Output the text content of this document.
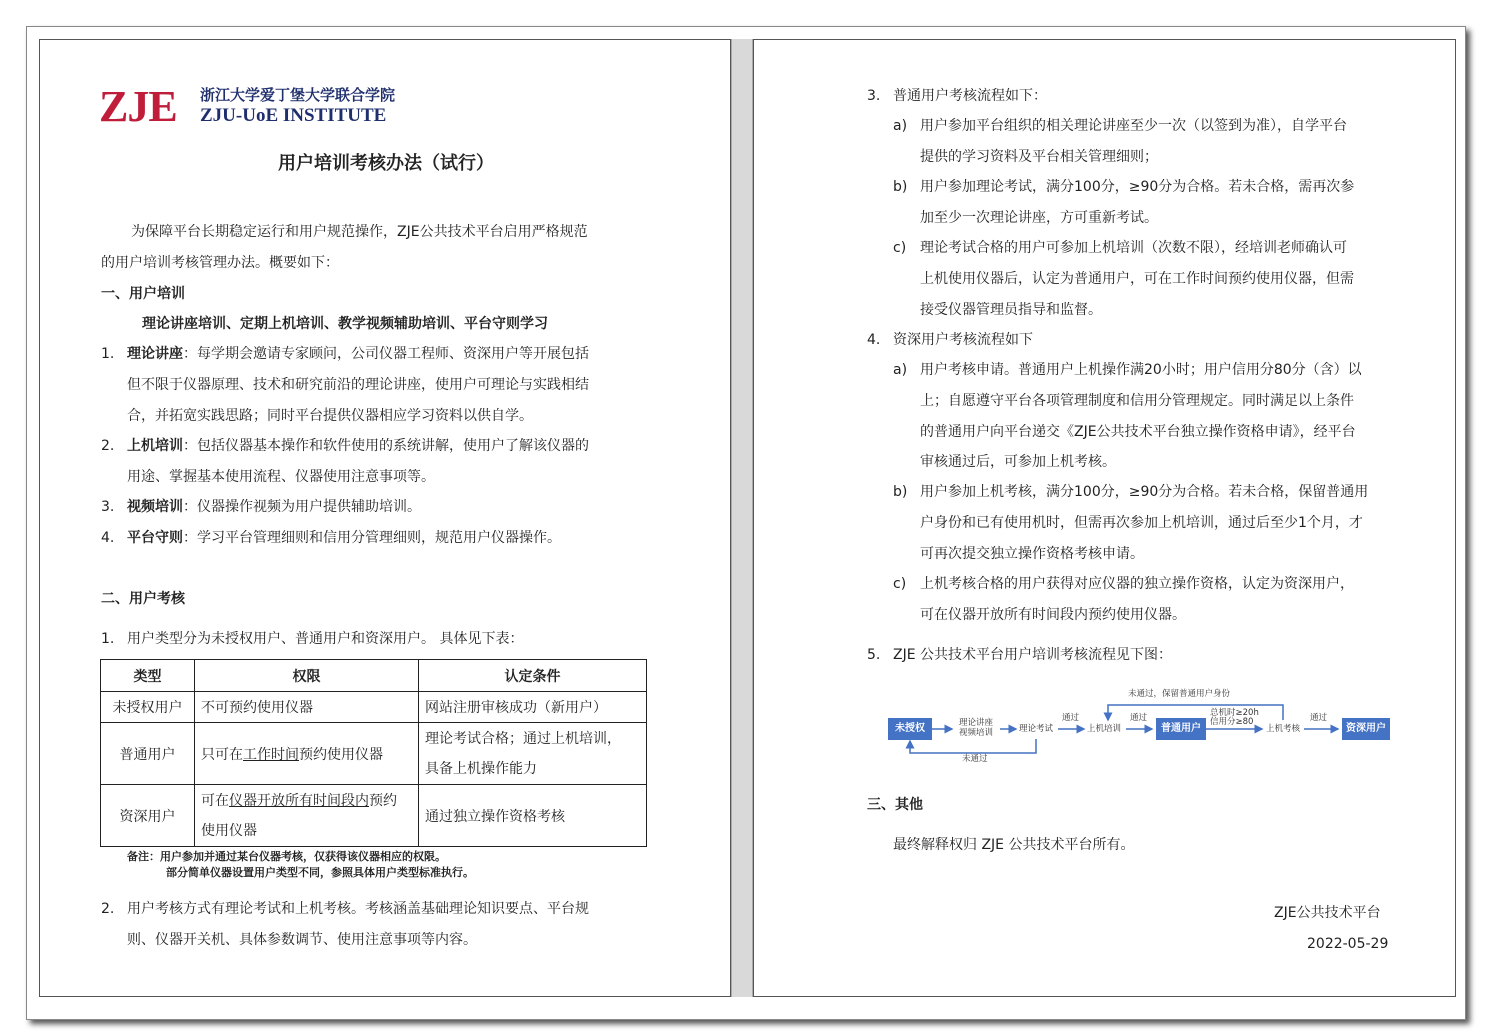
ZJE 浙江大学爱丁堡大学联合学院
ZJU-UoE INSTITUTE
用户培训考核办法（试行）
为保障平台长期稳定运行和用户规范操作，ZJE公共技术平台启用严格规范
的用户培训考核管理办法。概要如下：
一、用户培训
理论讲座培训、定期上机培训、教学视频辅助培训、平台守则学习
1. 理论讲座：每学期会邀请专家顾问，公司仪器工程师、资深用户等开展包括
但不限于仪器原理、技术和研究前沿的理论讲座，使用户可理论与实践相结
合，并拓宽实践思路；同时平台提供仪器相应学习资料以供自学。
2. 上机培训：包括仪器基本操作和软件使用的系统讲解，使用户了解该仪器的
用途、掌握基本使用流程、仪器使用注意事项等。
3. 视频培训：仪器操作视频为用户提供辅助培训。
4. 平台守则：学习平台管理细则和信用分管理细则，规范用户仪器操作。
二、用户考核
1. 用户类型分为未授权用户、普通用户和资深用户。 具体见下表：
类型	权限	认定条件
未授权用户	不可预约使用仪器	网站注册审核成功（新用户）
普通用户	只可在工作时间预约使用仪器	理论考试合格；通过上机培训，
具备上机操作能力

资深用户	可在仪器开放所有时间段内预约
使用仪器	通过独立操作资格考核
备注：用户参加并通过某台仪器考核，仅获得该仪器相应的权限。
部分简单仪器设置用户类型不同，参照具体用户类型标准执行。
2. 用户考核方式有理论考试和上机考核。考核涵盖基础理论知识要点、平台规
则、仪器开关机、具体参数调节、使用注意事项等内容。
3. 普通用户考核流程如下：
a) 用户参加平台组织的相关理论讲座至少一次（以签到为准），自学平台
提供的学习资料及平台相关管理细则；
b) 用户参加理论考试，满分100分，≥90分为合格。若未合格，需再次参
加至少一次理论讲座，方可重新考试。
c) 理论考试合格的用户可参加上机培训（次数不限），经培训老师确认可
上机使用仪器后，认定为普通用户，可在工作时间预约使用仪器，但需
接受仪器管理员指导和监督。
4. 资深用户考核流程如下
a) 用户考核申请。普通用户上机操作满20小时；用户信用分80分（含）以
上；自愿遵守平台各项管理制度和信用分管理规定。同时满足以上条件
的普通用户向平台递交《ZJE公共技术平台独立操作资格申请》，经平台
审核通过后，可参加上机考核。
b) 用户参加上机考核，满分100分，≥90分为合格。若未合格，保留普通用
户身份和已有使用机时，但需再次参加上机培训，通过后至少1个月，才
可再次提交独立操作资格考核申请。
c) 上机考核合格的用户获得对应仪器的独立操作资格，认定为资深用户，
可在仪器开放所有时间段内预约使用仪器。
5. ZJE 公共技术平台用户培训考核流程见下图：
未授权	理论讲座
视频培训	理论考试
通过
上机培训
通过
普通用户
总机时≥20h
信用分≥80
上机考核
通过
资深用户
未通过，保留普通用户身份
未通过
三、其他
最终解释权归 ZJE 公共技术平台所有。
ZJE公共技术平台
2022-05-29
